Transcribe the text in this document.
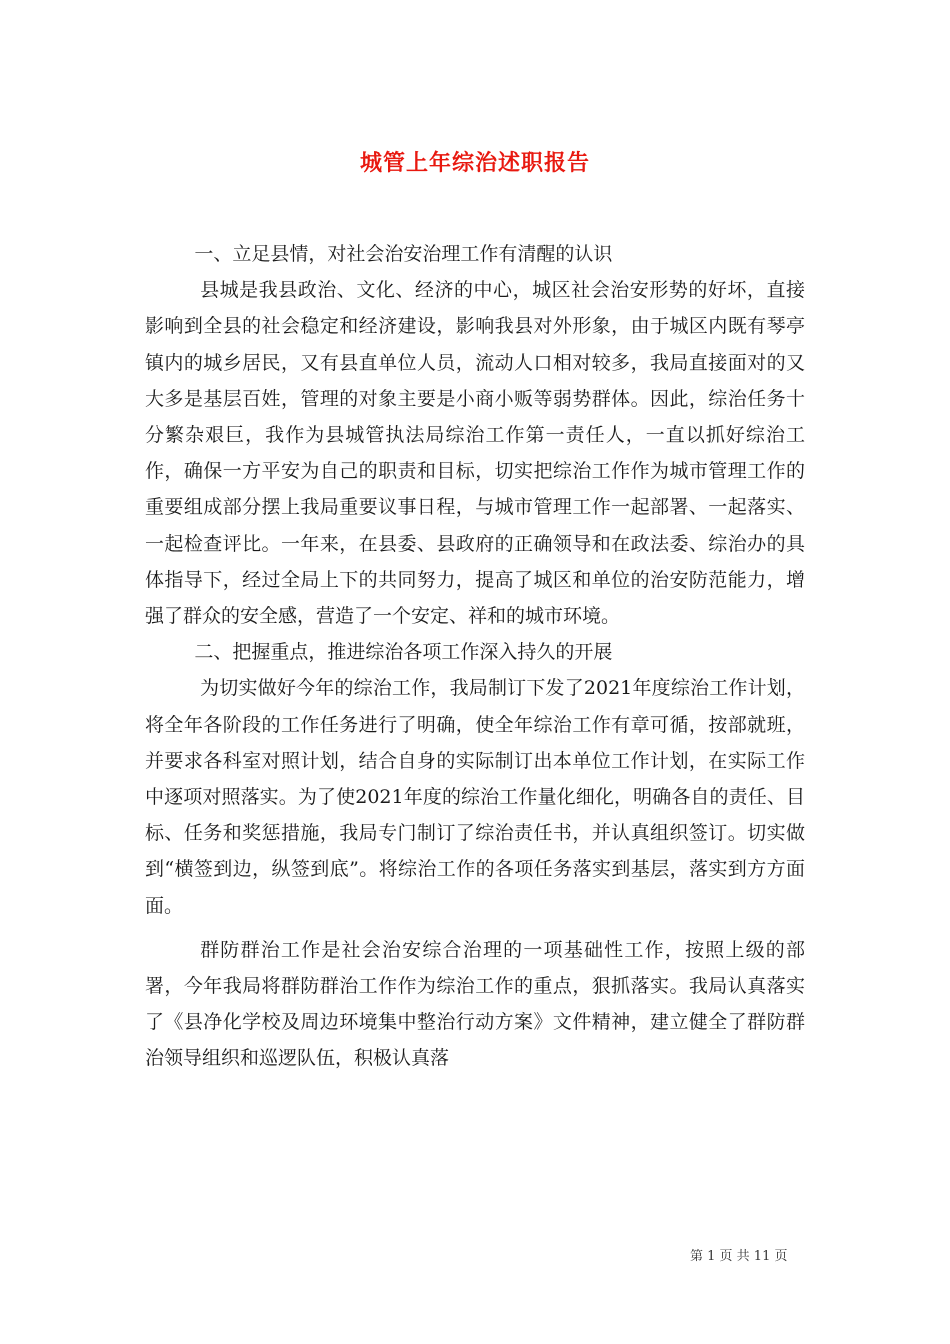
城管上年综治述职报告

一、立足县情，对社会治安治理工作有清醒的认识

县城是我县政治、文化、经济的中心，城区社会治安形势的好坏，直接影响到全县的社会稳定和经济建设，影响我县对外形象，由于城区内既有琴亭镇内的城乡居民，又有县直单位人员，流动人口相对较多，我局直接面对的又大多是基层百姓，管理的对象主要是小商小贩等弱势群体。因此，综治任务十分繁杂艰巨，我作为县城管执法局综治工作第一责任人，一直以抓好综治工作，确保一方平安为自己的职责和目标，切实把综治工作作为城市管理工作的重要组成部分摆上我局重要议事日程，与城市管理工作一起部署、一起落实、一起检查评比。一年来，在县委、县政府的正确领导和在政法委、综治办的具体指导下，经过全局上下的共同努力，提高了城区和单位的治安防范能力，增强了群众的安全感，营造了一个安定、祥和的城市环境。

二、把握重点，推进综治各项工作深入持久的开展

为切实做好今年的综治工作，我局制订下发了2021年度综治工作计划，将全年各阶段的工作任务进行了明确，使全年综治工作有章可循，按部就班，并要求各科室对照计划，结合自身的实际制订出本单位工作计划，在实际工作中逐项对照落实。为了使2021年度的综治工作量化细化，明确各自的责任、目标、任务和奖惩措施，我局专门制订了综治责任书，并认真组织签订。切实做到“横签到边，纵签到底”。将综治工作的各项任务落实到基层，落实到方方面面。

群防群治工作是社会治安综合治理的一项基础性工作，按照上级的部署，今年我局将群防群治工作作为综治工作的重点，狠抓落实。我局认真落实了《县净化学校及周边环境集中整治行动方案》文件精神，建立健全了群防群治领导组织和巡逻队伍，积极认真落

第 1 页 共 11 页
